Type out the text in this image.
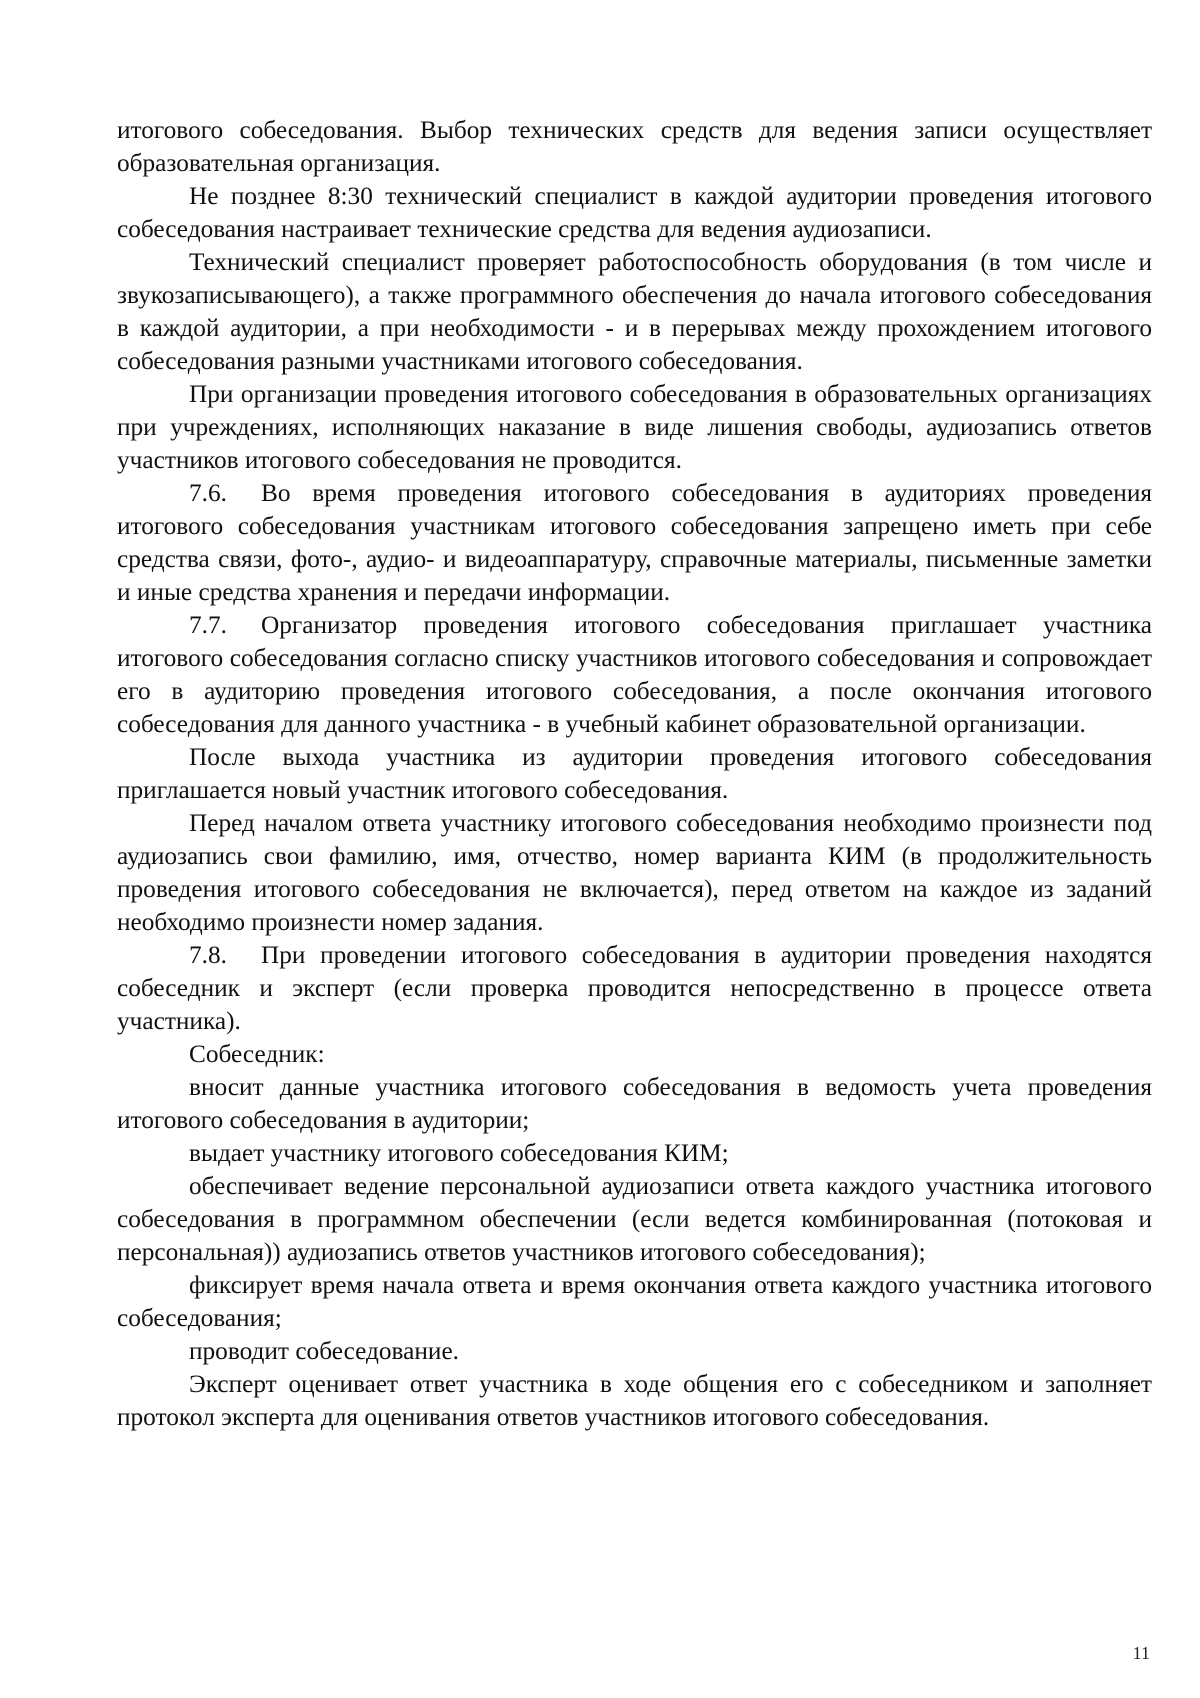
итогового собеседования. Выбор технических средств для ведения записи осуществляет образовательная организация.

Не позднее 8:30 технический специалист в каждой аудитории проведения итогового собеседования настраивает технические средства для ведения аудиозаписи.

Технический специалист проверяет работоспособность оборудования (в том числе и звукозаписывающего), а также программного обеспечения до начала итогового собеседования в каждой аудитории, а при необходимости - и в перерывах между прохождением итогового собеседования разными участниками итогового собеседования.

При организации проведения итогового собеседования в образовательных организациях при учреждениях, исполняющих наказание в виде лишения свободы, аудиозапись ответов участников итогового собеседования не проводится.

7.6. Во время проведения итогового собеседования в аудиториях проведения итогового собеседования участникам итогового собеседования запрещено иметь при себе средства связи, фото-, аудио- и видеоаппаратуру, справочные материалы, письменные заметки и иные средства хранения и передачи информации.

7.7. Организатор проведения итогового собеседования приглашает участника итогового собеседования согласно списку участников итогового собеседования и сопровождает его в аудиторию проведения итогового собеседования, а после окончания итогового собеседования для данного участника - в учебный кабинет образовательной организации.

После выхода участника из аудитории проведения итогового собеседования приглашается новый участник итогового собеседования.

Перед началом ответа участнику итогового собеседования необходимо произнести под аудиозапись свои фамилию, имя, отчество, номер варианта КИМ (в продолжительность проведения итогового собеседования не включается), перед ответом на каждое из заданий необходимо произнести номер задания.

7.8. При проведении итогового собеседования в аудитории проведения находятся собеседник и эксперт (если проверка проводится непосредственно в процессе ответа участника).

Собеседник:

вносит данные участника итогового собеседования в ведомость учета проведения итогового собеседования в аудитории;

выдает участнику итогового собеседования КИМ;

обеспечивает ведение персональной аудиозаписи ответа каждого участника итогового собеседования в программном обеспечении (если ведется комбинированная (потоковая и персональная)) аудиозапись ответов участников итогового собеседования);

фиксирует время начала ответа и время окончания ответа каждого участника итогового собеседования;

проводит собеседование.

Эксперт оценивает ответ участника в ходе общения его с собеседником и заполняет протокол эксперта для оценивания ответов участников итогового собеседования.

11
